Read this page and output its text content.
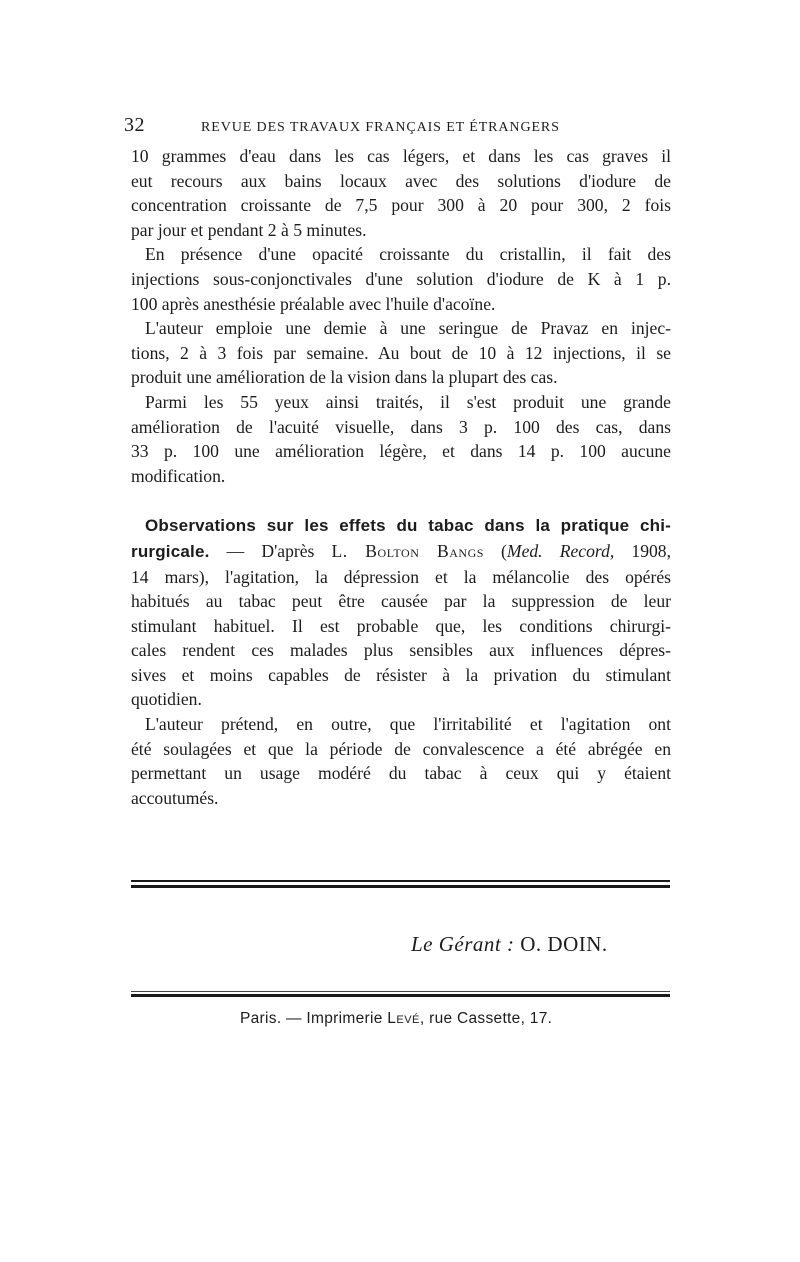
32	REVUE DES TRAVAUX FRANÇAIS ET ÉTRANGERS

10 grammes d'eau dans les cas légers, et dans les cas graves il
eut recours aux bains locaux avec des solutions d'iodure de
concentration croissante de 7,5 pour 300 à 20 pour 300, 2 fois
par jour et pendant 2 à 5 minutes.

En présence d'une opacité croissante du cristallin, il fait des
injections sous-conjonctivales d'une solution d'iodure de K à 1 p.
100 après anesthésie préalable avec l'huile d'acoïne.

L'auteur emploie une demie à une seringue de Pravaz en injec-
tions, 2 à 3 fois par semaine. Au bout de 10 à 12 injections, il se
produit une amélioration de la vision dans la plupart des cas.

Parmi les 55 yeux ainsi traités, il s'est produit une grande
amélioration de l'acuité visuelle, dans 3 p. 100 des cas, dans
33 p. 100 une amélioration légère, et dans 14 p. 100 aucune
modification.

Observations sur les effets du tabac dans la pratique chi-
rurgicale. — D'après L. Bolton Bangs (Med. Record, 1908,
14 mars), l'agitation, la dépression et la mélancolie des opérés
habitués au tabac peut être causée par la suppression de leur
stimulant habituel. Il est probable que, les conditions chirurgi-
cales rendent ces malades plus sensibles aux influences dépres-
sives et moins capables de résister à la privation du stimulant
quotidien.

L'auteur prétend, en outre, que l'irritabilité et l'agitation ont
été soulagées et que la période de convalescence a été abrégée en
permettant un usage modéré du tabac à ceux qui y étaient
accoutumés.

Le Gérant : O. DOIN.
Paris. — Imprimerie Levé, rue Cassette, 17.
